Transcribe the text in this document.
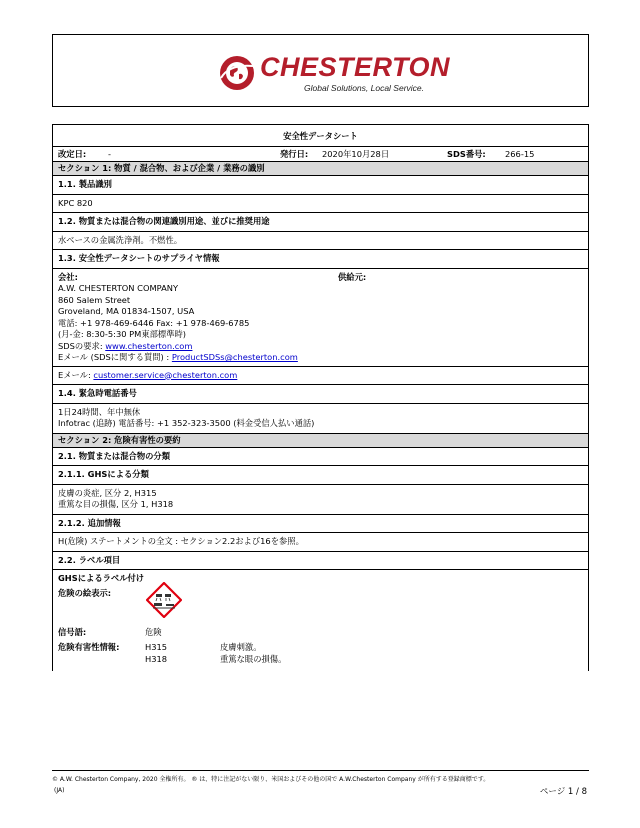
CHESTERTON
Global Solutions, Local Service.
安全性データシート
改定日:	-	発行日:	2020年10月28日	SDS番号:	266-15
セクション 1: 物質 / 混合物、および企業 / 業務の識別
1.1. 製品識別
KPC 820
1.2. 物質または混合物の関連識別用途、並びに推奨用途
水ベースの金属洗浄剤。不燃性。
1.3. 安全性データシートのサプライヤ情報
会社:	供給元:
A.W. CHESTERTON COMPANY
860 Salem Street
Groveland, MA 01834-1507, USA
電話: +1 978-469-6446 Fax: +1 978-469-6785
(月-金: 8:30-5:30 PM東部標準時)
SDSの要求: www.chesterton.com
Eメール (SDSに関する質問) : ProductSDSs@chesterton.com
Eメール: customer.service@chesterton.com
1.4. 緊急時電話番号
1日24時間、年中無休
Infotrac (追跡) 電話番号: +1 352-323-3500 (料金受信人払い通話)
セクション 2: 危険有害性の要約
2.1. 物質または混合物の分類
2.1.1. GHSによる分類
皮膚の炎症, 区分 2, H315
重篤な目の損傷, 区分 1, H318
2.1.2. 追加情報
H(危険) ステートメントの全文 : セクション2.2および16を参照。
2.2. ラベル項目
GHSによるラベル付け
危険の絵表示:
信号語:	危険
危険有害性情報:	H315	皮膚刺激。
H318	重篤な眼の損傷。
© A.W. Chesterton Company, 2020 全権所有。 ® は、特に注記がない限り、米国およびその他の国で A.W.Chesterton Company が所有する登録商標です。
(JA)	ページ 1 / 8
